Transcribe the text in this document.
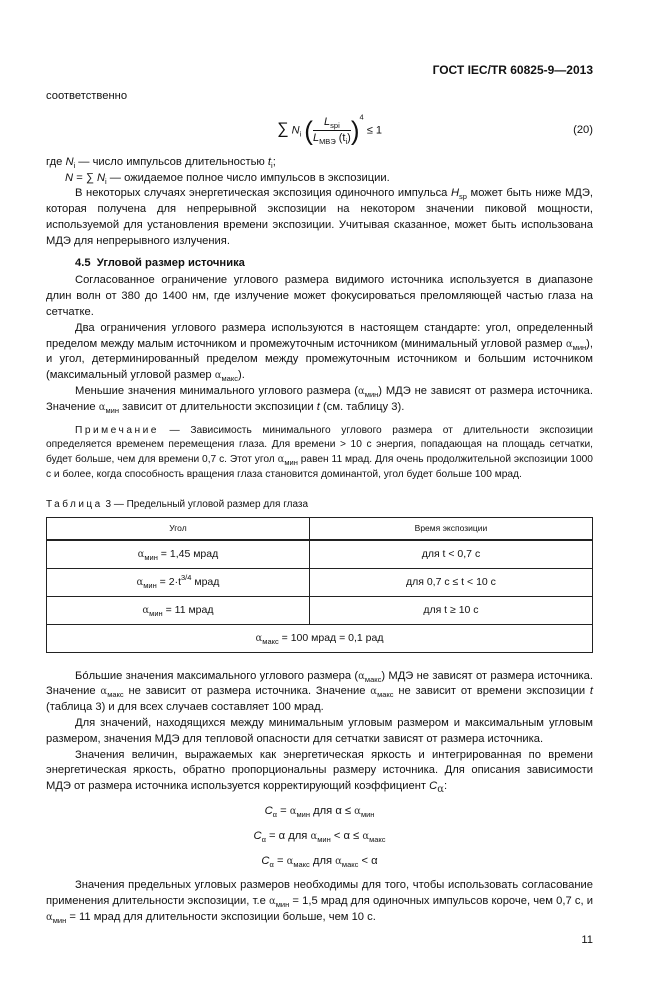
ГОСТ IEC/TR 60825-9—2013
соответственно
∑ $N_i$ ( $\frac{L_{spi}}{L_{МВЭ} (t_i)} )^4 \le 1$	(20)

где $N_i$ — число импульсов длительностью $t_i$;

N = ∑ $N_i$ — ожидаемое полное число импульсов в экспозиции.

В некоторых случаях энергетическая экспозиция одиночного импульса $H_{sp}$ может быть ниже МДЭ, которая получена для непрерывной экспозиции на некотором значении пиковой мощности, используемой для установления времени экспозиции. Учитывая сказанное, может быть использована МДЭ для непрерывного излучения.

4.5 Угловой размер источника

Согласованное ограничение углового размера видимого источника используется в диапазоне длин волн от 380 до 1400 нм, где излучение может фокусироваться преломляющей частью глаза на сетчатке.

Два ограничения углового размера используются в настоящем стандарте: угол, определенный пределом между малым источником и промежуточным источником (минимальный угловой размер $\alpha_{мин}$), и угол, детерминированный пределом между промежуточным источником и большим источником (максимальный угловой размер $\alpha_{макс}$).

Меньшие значения минимального углового размера $(\alpha_{мин})$ МДЭ не зависят от размера источника. Значение $\alpha_{мин}$ зависит от длительности экспозиции t (см. таблицу 3).

Примечание — Зависимость минимального углового размера от длительности экспозиции определяется временем перемещения глаза. Для времени > 10 с энергия, попадающая на площадь сетчатки, будет больше, чем для времени 0,7 с. Этот угол $\alpha_{мин}$ равен 11 мрад. Для очень продолжительной экспозиции 1000 с и более, когда способность вращения глаза становится доминантой, угол будет больше 100 мрад.

Таблица 3 — Предельный угловой размер для глаза
Угол	Время экспозиции
$\alpha_{мин} = 1,45$ мрад	для t < 0,7 с
$\alpha_{мин} = 2\cdot t^{3/4}$ мрад	для 0,7 с ≤ t < 10 с
$\alpha_{мин} = 11$ мрад	для t ≥ 10 с
$\alpha_{макс} = 100$ мрад = 0,1 рад	

Бóльшие значения максимального углового размера $(\alpha_{макс})$ МДЭ не зависят от размера источника. Значение $\alpha_{макс}$ не зависит от размера источника. Значение $\alpha_{макс}$ не зависит от времени экспозиции t (таблица 3) и для всех случаев составляет 100 мрад.

Для значений, находящихся между минимальным угловым размером и максимальным угловым размером, значения МДЭ для тепловой опасности для сетчатки зависят от размера источника.

Значения величин, выражаемых как энергетическая яркость и интегрированная по времени энергетическая яркость, обратно пропорциональны размеру источника. Для описания зависимости МДЭ от размера источника используется корректирующий коэффициент Cα:

$C_\alpha = \alpha_{мин}$ для $\alpha \le \alpha_{мин}$
$C_\alpha = \alpha$ для $\alpha_{мин} < \alpha \le \alpha_{макс}$
$C_\alpha = \alpha_{макс}$ для $\alpha_{макс} < \alpha$

Значения предельных угловых размеров необходимы для того, чтобы использовать согласование применения длительности экспозиции, т.е $\alpha_{мин} = 1,5$ мрад для одиночных импульсов короче, чем 0,7 с, и $\alpha_{мин} = 11$ мрад для длительности экспозиции больше, чем 10 с.

11
